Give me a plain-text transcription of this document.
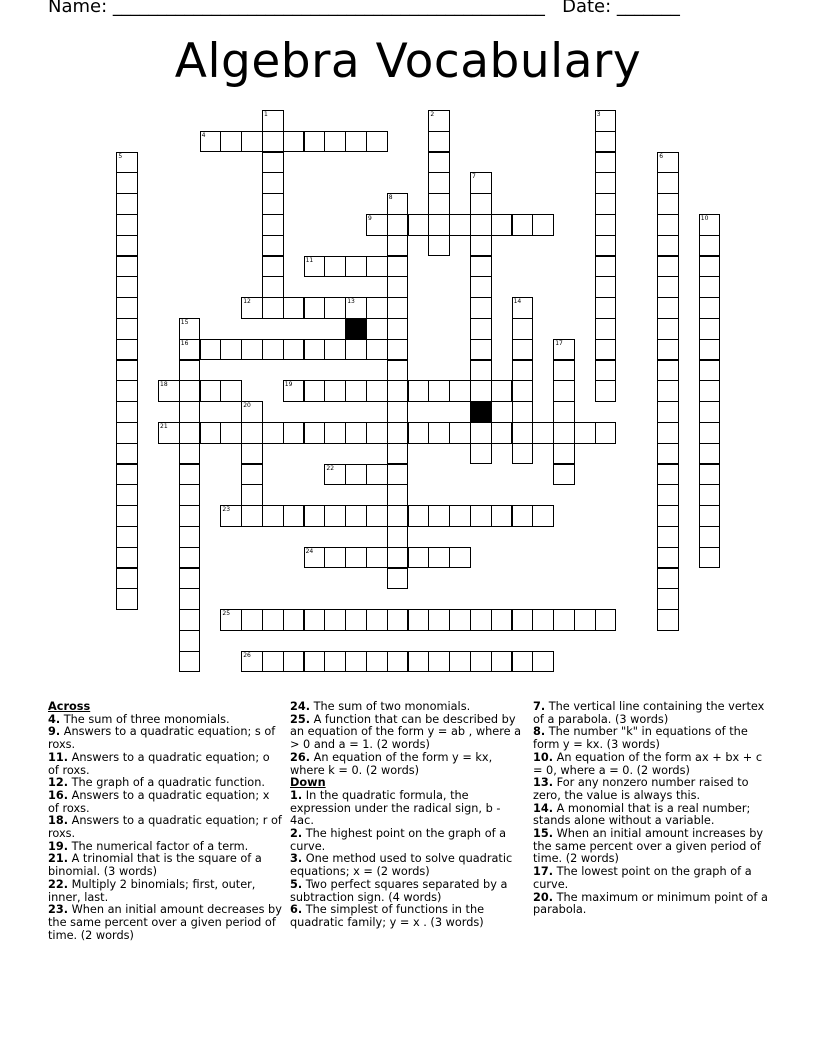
Name: ________________________________________________ Date: _______
Algebra Vocabulary
1	2	3
4
5	6
7
8
9	10
11
12	13	14
15
16	17
18	19
20
21
22
23
24
25
26

Across

4. The sum of three monomials.

9. Answers to a quadratic equation; s of roxs.

11. Answers to a quadratic equation; o of roxs.

12. The graph of a quadratic function.

16. Answers to a quadratic equation; x of roxs.

18. Answers to a quadratic equation; r of roxs.

19. The numerical factor of a term.

21. A trinomial that is the square of a binomial. (3 words)

22. Multiply 2 binomials; first, outer, inner, last.

23. When an initial amount decreases by the same percent over a given period of time. (2 words)

24. The sum of two monomials.

25. A function that can be described by an equation of the form y = ab , where a > 0 and a = 1. (2 words)

26. An equation of the form y = kx, where k = 0. (2 words)

Down

1. In the quadratic formula, the expression under the radical sign, b - 4ac.

2. The highest point on the graph of a curve.

3. One method used to solve quadratic equations; x = (2 words)

5. Two perfect squares separated by a subtraction sign. (4 words)

6. The simplest of functions in the quadratic family; y = x . (3 words)

7. The vertical line containing the vertex of a parabola. (3 words)

8. The number "k" in equations of the form y = kx. (3 words)

10. An equation of the form ax + bx + c = 0, where a = 0. (2 words)

13. For any nonzero number raised to zero, the value is always this.

14. A monomial that is a real number; stands alone without a variable.

15. When an initial amount increases by the same percent over a given period of time. (2 words)

17. The lowest point on the graph of a curve.

20. The maximum or minimum point of a parabola.
